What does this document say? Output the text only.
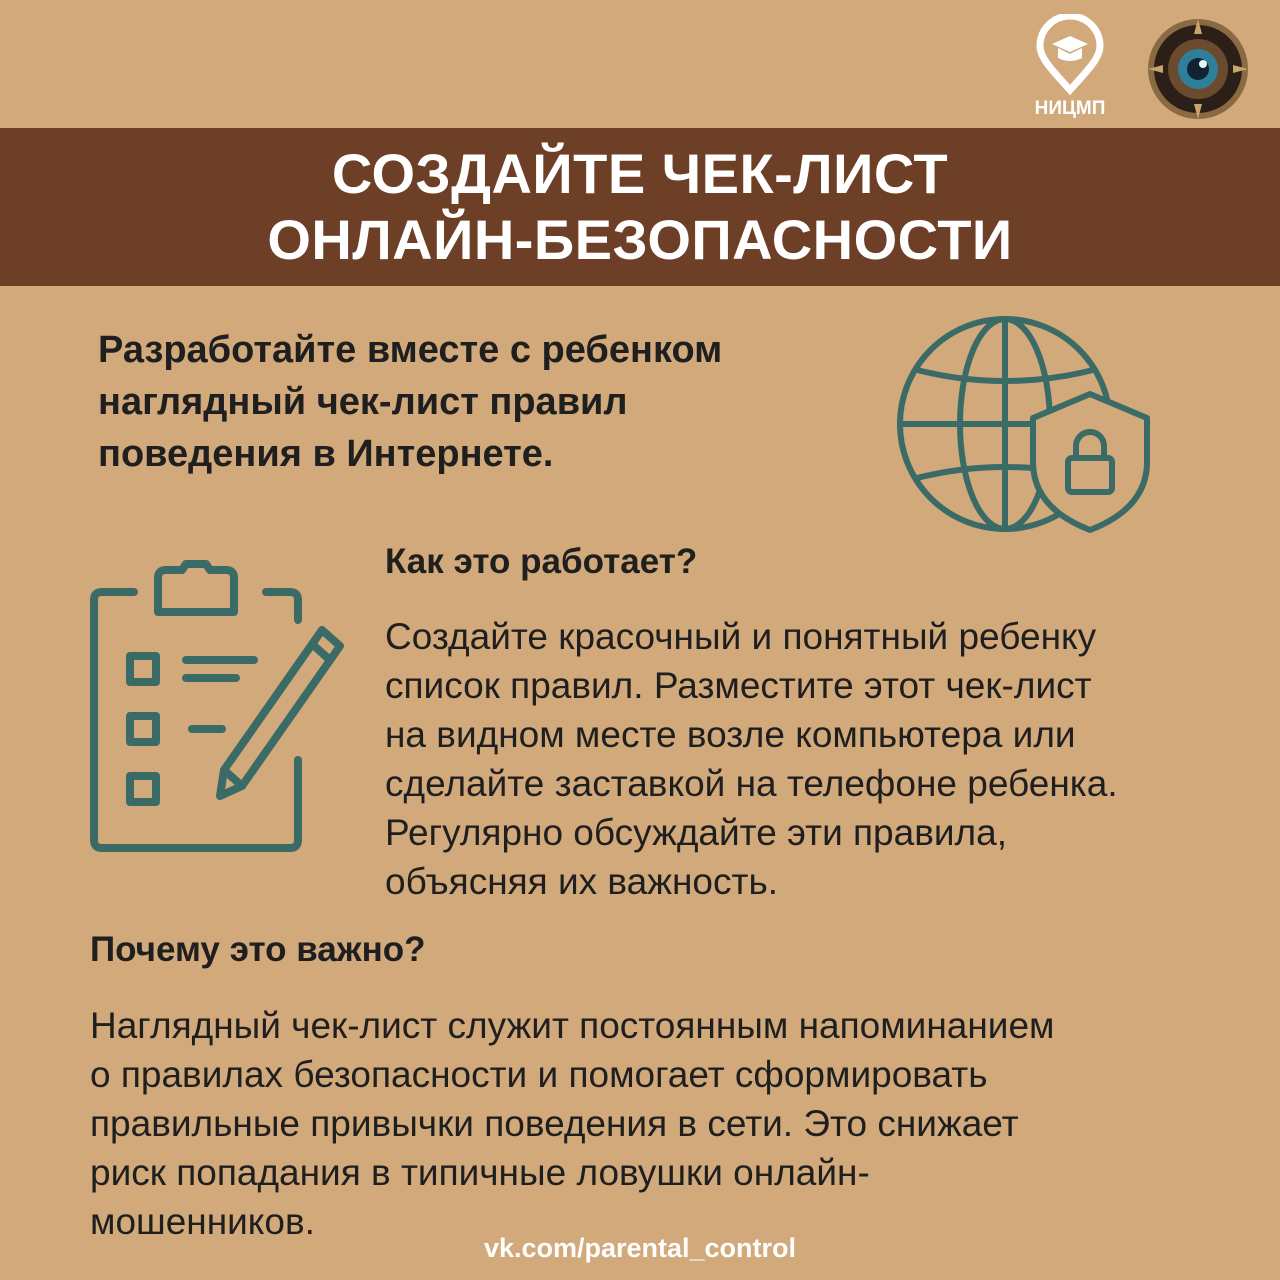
НИЦМП
СОЗДАЙТЕ ЧЕК-ЛИСТ
ОНЛАЙН-БЕЗОПАСНОСТИ
Разработайте вместе с ребенком
наглядный чек-лист правил
поведения в Интернете.
Как это работает?
Создайте красочный и понятный ребенку
список правил. Разместите этот чек-лист
на видном месте возле компьютера или
сделайте заставкой на телефоне ребенка.
Регулярно обсуждайте эти правила,
объясняя их важность.
Почему это важно?
Наглядный чек-лист служит постоянным напоминанием
о правилах безопасности и помогает сформировать
правильные привычки поведения в сети. Это снижает
риск попадания в типичные ловушки онлайн-
мошенников.
vk.com/parental_control
